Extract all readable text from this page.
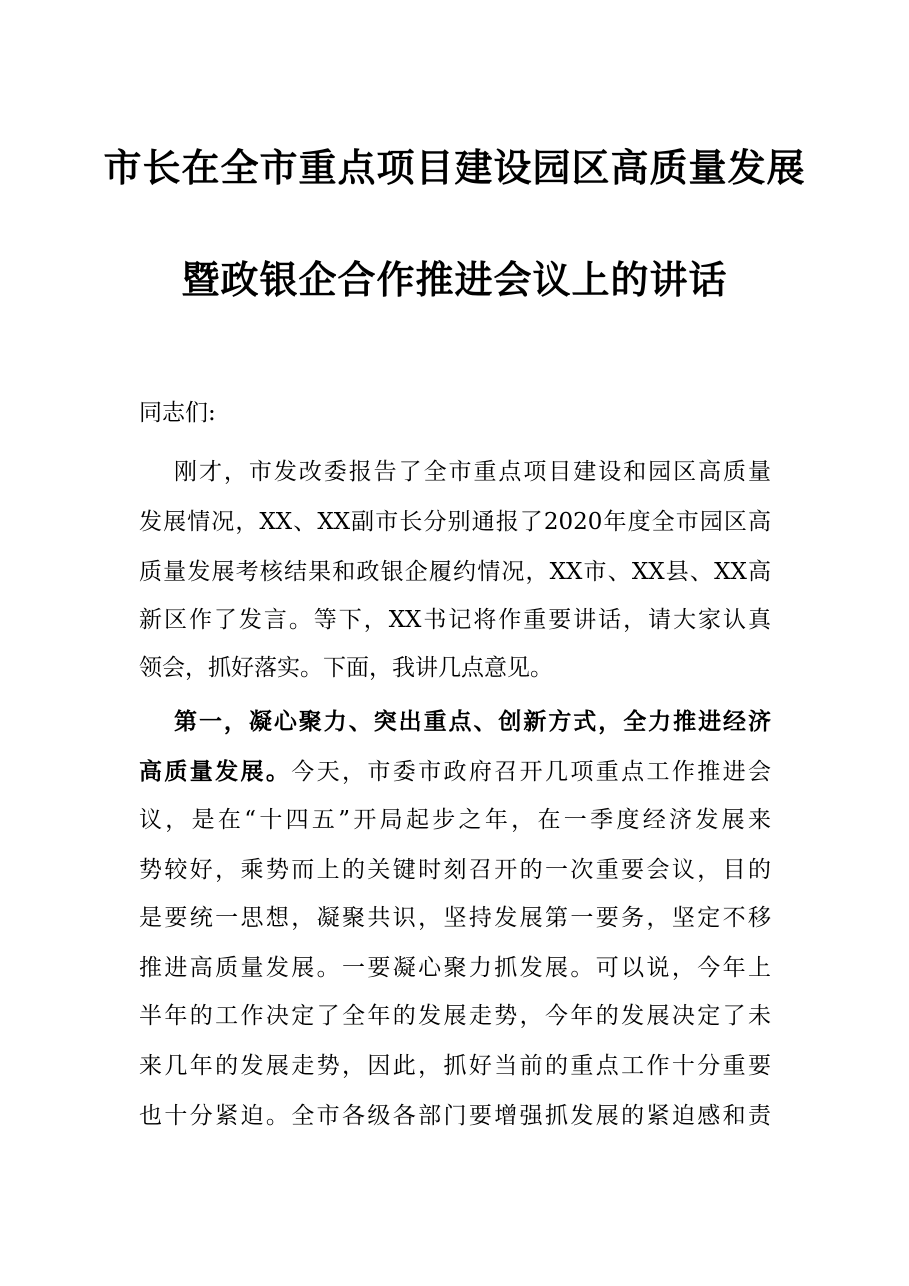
市长在全市重点项目建设园区高质量发展
暨政银企合作推进会议上的讲话
同志们:
刚才，市发改委报告了全市重点项目建设和园区高质量
发展情况，XX、XX副市长分别通报了2020年度全市园区高
质量发展考核结果和政银企履约情况，XX市、XX县、XX高
新区作了发言。等下，XX书记将作重要讲话，请大家认真
领会，抓好落实。下面，我讲几点意见。
第一，凝心聚力、突出重点、创新方式，全力推进经济
高质量发展。今天，市委市政府召开几项重点工作推进会
议，是在“十四五”开局起步之年，在一季度经济发展来
势较好，乘势而上的关键时刻召开的一次重要会议，目的
是要统一思想，凝聚共识，坚持发展第一要务，坚定不移
推进高质量发展。一要凝心聚力抓发展。可以说，今年上
半年的工作决定了全年的发展走势，今年的发展决定了未
来几年的发展走势，因此，抓好当前的重点工作十分重要
也十分紧迫。全市各级各部门要增强抓发展的紧迫感和责
